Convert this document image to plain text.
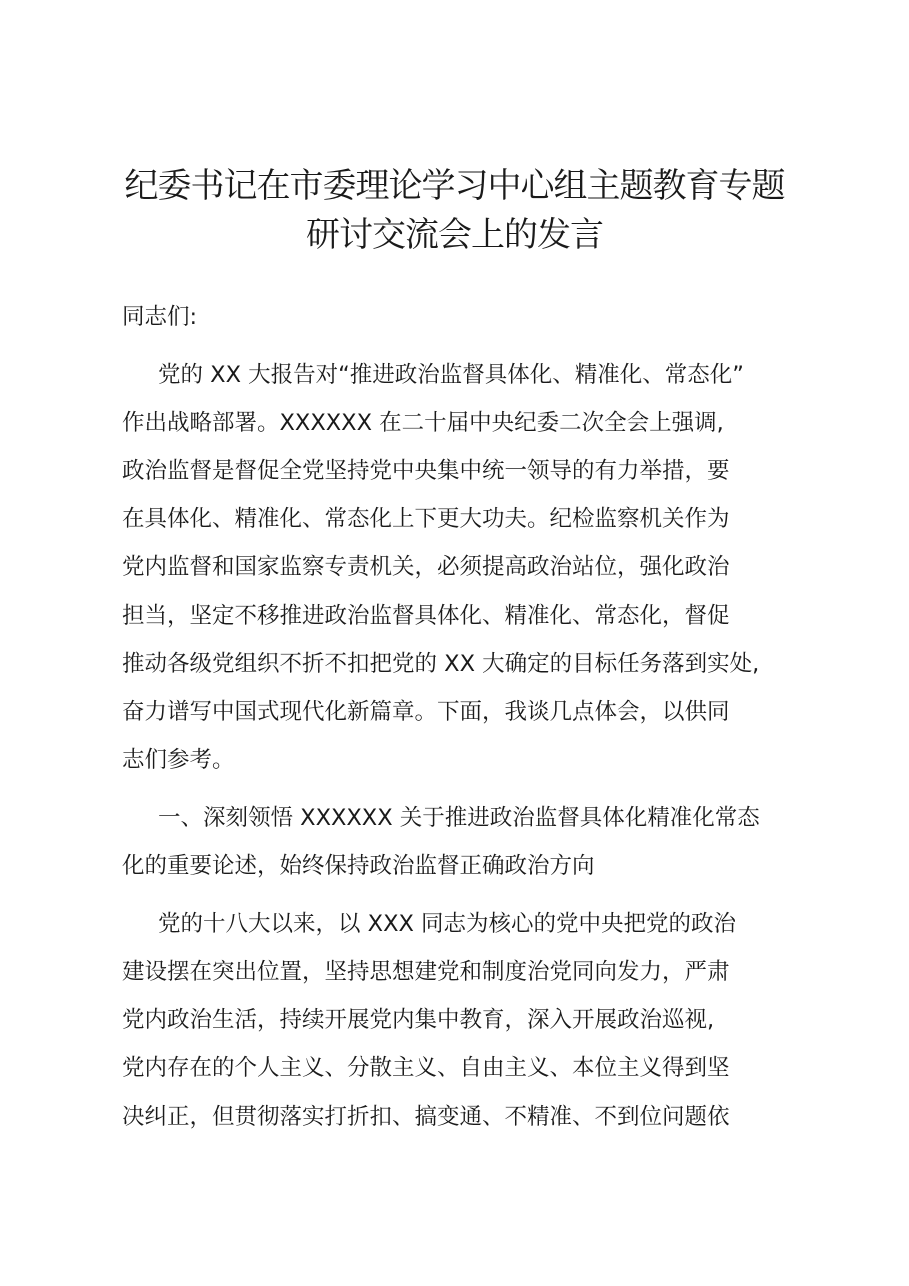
纪委书记在市委理论学习中心组主题教育专题
研讨交流会上的发言

同志们:

党的 XX 大报告对“推进政治监督具体化、精准化、常态化”
作出战略部署。XXXXXX 在二十届中央纪委二次全会上强调,
政治监督是督促全党坚持党中央集中统一领导的有力举措，要
在具体化、精准化、常态化上下更大功夫。纪检监察机关作为
党内监督和国家监察专责机关，必须提高政治站位，强化政治
担当，坚定不移推进政治监督具体化、精准化、常态化，督促
推动各级党组织不折不扣把党的 XX 大确定的目标任务落到实处,
奋力谱写中国式现代化新篇章。下面，我谈几点体会，以供同
志们参考。

一、深刻领悟 XXXXXX 关于推进政治监督具体化精准化常态
化的重要论述，始终保持政治监督正确政治方向

党的十八大以来，以 XXX 同志为核心的党中央把党的政治
建设摆在突出位置，坚持思想建党和制度治党同向发力，严肃
党内政治生活，持续开展党内集中教育，深入开展政治巡视,
党内存在的个人主义、分散主义、自由主义、本位主义得到坚
决纠正，但贯彻落实打折扣、搞变通、不精准、不到位问题依
